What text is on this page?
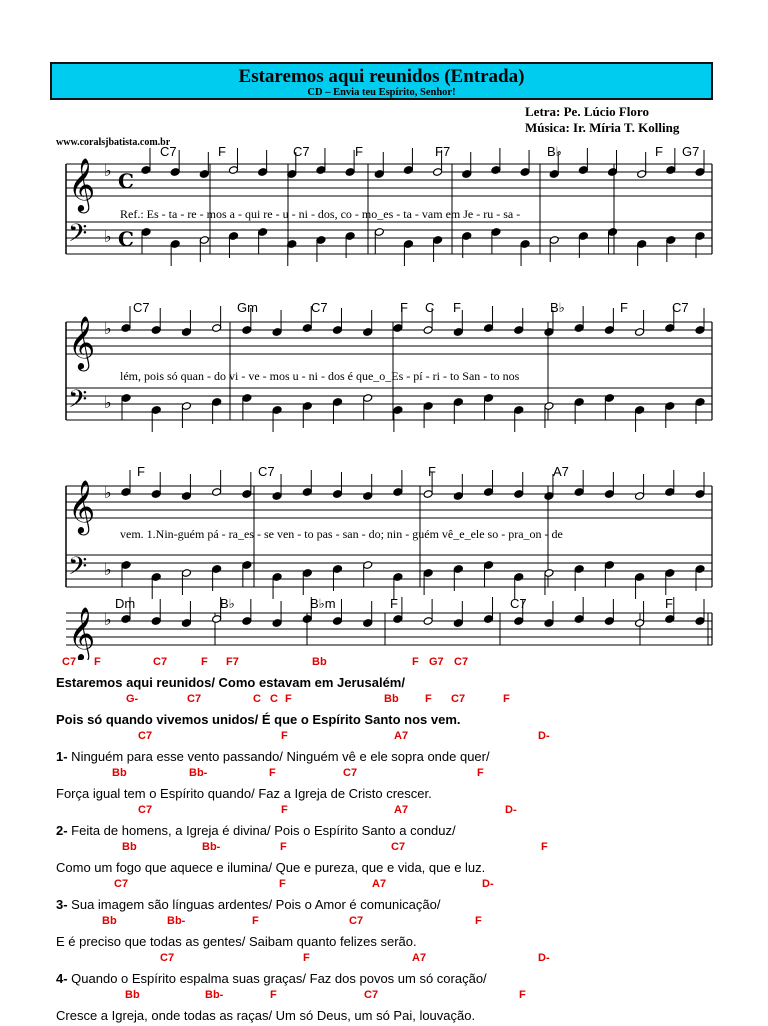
Estaremos aqui reunidos (Entrada)
CD – Envia teu Espírito, Senhor!
Letra: Pe. Lúcio Floro
Música: Ir. Míria T. Kolling
www.coralsjbatista.com.br
𝄞 ♭ C
𝄢 ♭ C
C7	F	C7	F	F7	B♭	F G7
Ref.: Es - ta - re - mos a - qui re - u - ni - dos, co - mo_es - ta - vam em Je - ru - sa -
𝄞 ♭
𝄢 ♭
C7	Gm	C7	F C F	B♭	F	C7
lém, pois só quan - do vi - ve - mos u - ni - dos é que_o_Es - pí - ri - to San - to nos
𝄞 ♭
𝄢 ♭
F	C7	F	A7
vem. 1.Nin-guém pá - ra_es - se ven - to pas - san - do; nin - guém vê_e_ele so - pra_on - de
𝄞 ♭
Dm	B♭	B♭m	F	C7	F
C7 F	C7	F F7	Bb	F G7 C7
Estaremos aqui reunidos/ Como estavam em Jerusalém/
G-	C7	C C F	Bb F C7	F
Pois só quando vivemos unidos/ É que o Espírito Santo nos vem.
C7	F	A7	D-
1- Ninguém para esse vento passando/ Ninguém vê e ele sopra onde quer/
Bb	Bb-	F	C7	F
Força igual tem o Espírito quando/ Faz a Igreja de Cristo crescer.
C7	F	A7	D-
2- Feita de homens, a Igreja é divina/ Pois o Espírito Santo a conduz/
Bb	Bb-	F	C7	F
Como um fogo que aquece e ilumina/ Que e pureza, que e vida, que e luz.
C7	F	A7	D-
3- Sua imagem são línguas ardentes/ Pois o Amor é comunicação/
Bb	Bb-	F	C7	F
E é preciso que todas as gentes/ Saibam quanto felizes serão.
C7	F	A7	D-
4- Quando o Espírito espalma suas graças/ Faz dos povos um só coração/
Bb	Bb-	F	C7	F
Cresce a Igreja, onde todas as raças/ Um só Deus, um só Pai, louvação.
